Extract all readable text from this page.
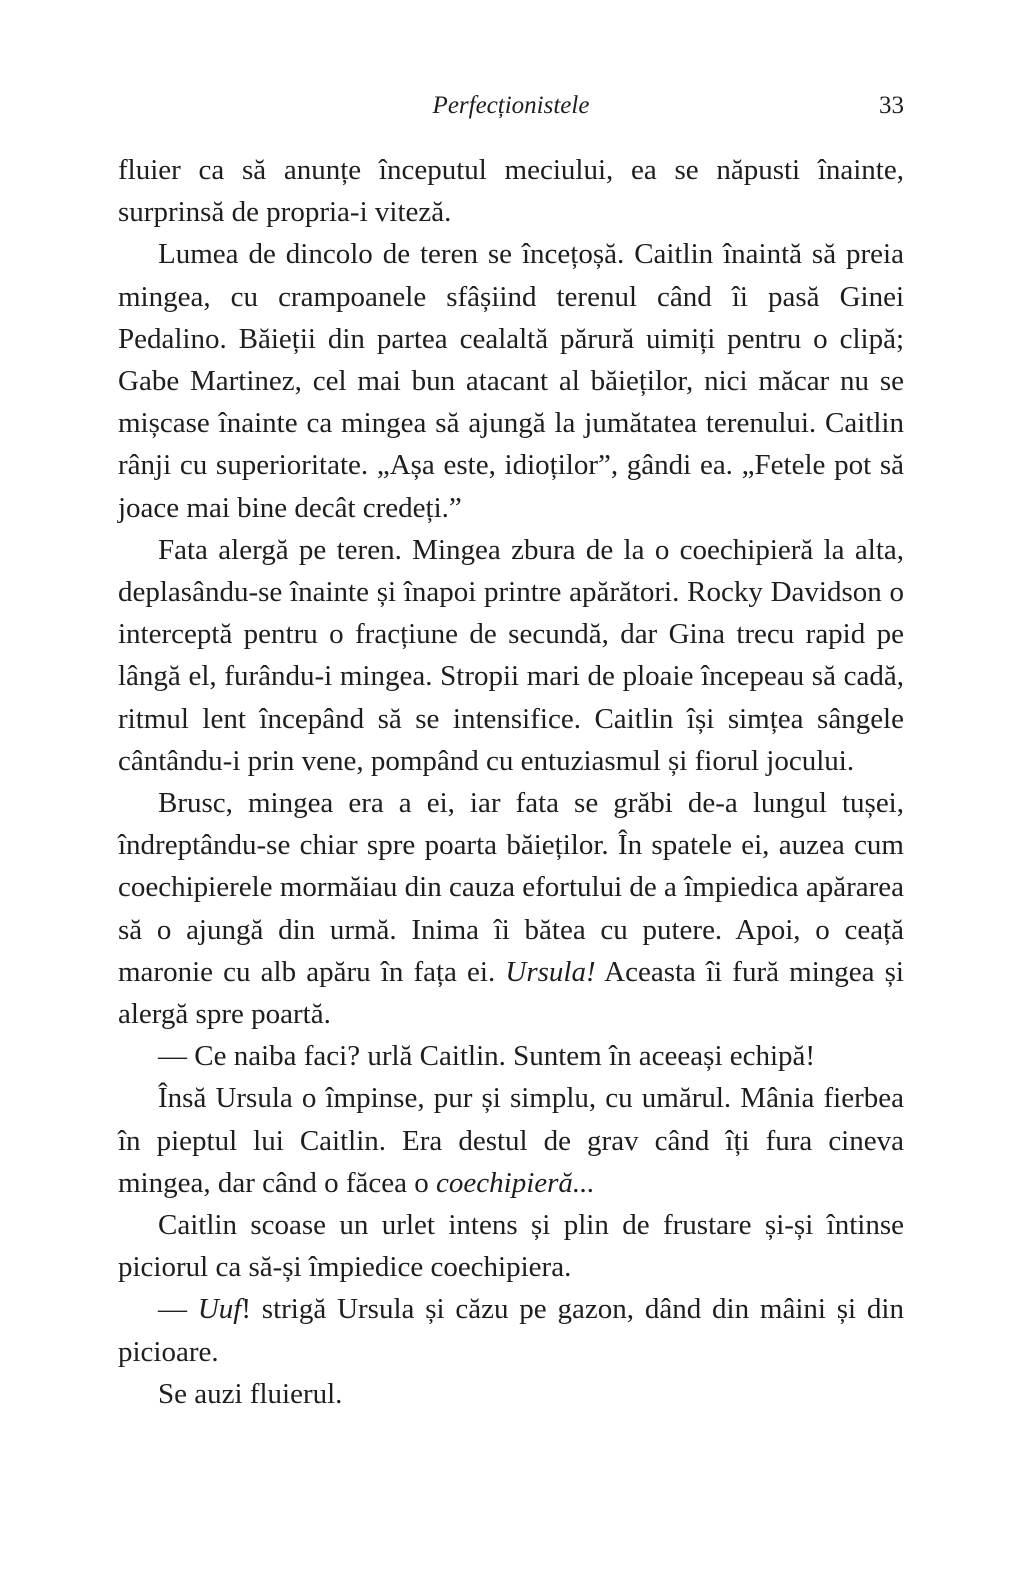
Perfecționistele	33

fluier ca să anunțe începutul meciului, ea se năpusti înainte, surprinsă de propria-i viteză.

Lumea de dincolo de teren se încețoșă. Caitlin înaintă să preia mingea, cu crampoanele sfâșiind terenul când îi pasă Ginei Pedalino. Băieții din partea cealaltă părură uimiți pentru o clipă; Gabe Martinez, cel mai bun atacant al băieților, nici măcar nu se mișcase înainte ca mingea să ajungă la jumătatea terenului. Caitlin rânji cu superioritate. „Așa este, idioților”, gândi ea. „Fetele pot să joace mai bine decât credeți.”

Fata alergă pe teren. Mingea zbura de la o coechipieră la alta, deplasându-se înainte și înapoi printre apărători. Rocky Davidson o interceptă pentru o fracțiune de secundă, dar Gina trecu rapid pe lângă el, furându-i mingea. Stropii mari de ploaie începeau să cadă, ritmul lent începând să se intensifice. Caitlin își simțea sângele cântându-i prin vene, pompând cu entuziasmul și fiorul jocului.

Brusc, mingea era a ei, iar fata se grăbi de-a lungul tușei, îndreptându-se chiar spre poarta băieților. În spatele ei, auzea cum coechipierele mormăiau din cauza efortului de a împiedica apărarea să o ajungă din urmă. Inima îi bătea cu putere. Apoi, o ceață maronie cu alb apăru în fața ei. Ursula! Aceasta îi fură mingea și alergă spre poartă.

— Ce naiba faci? urlă Caitlin. Suntem în aceeași echipă!

Însă Ursula o împinse, pur și simplu, cu umărul. Mânia fierbea în pieptul lui Caitlin. Era destul de grav când îți fura cineva mingea, dar când o făcea o coechipieră...

Caitlin scoase un urlet intens și plin de frustare și-și întinse piciorul ca să-și împiedice coechipiera.

— Uuf! strigă Ursula și căzu pe gazon, dând din mâini și din picioare.

Se auzi fluierul.
